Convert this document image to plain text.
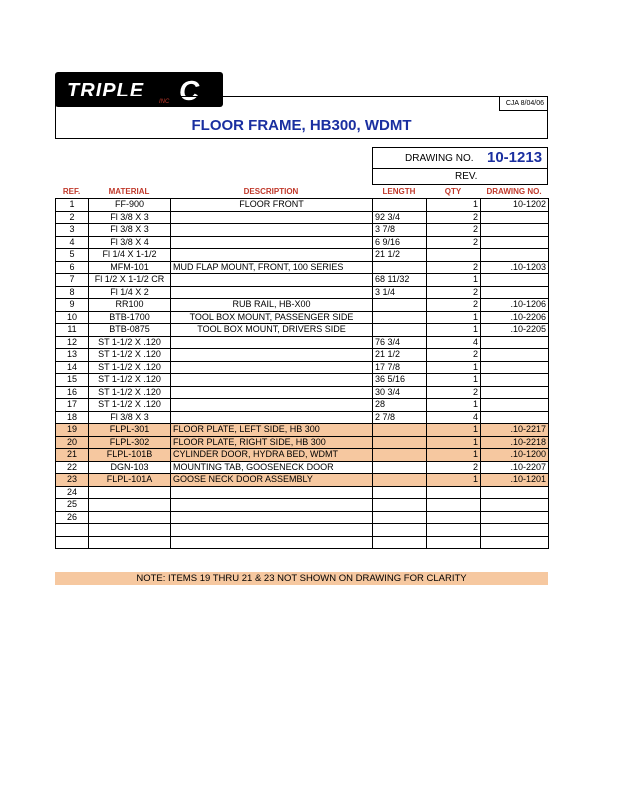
TRIPLE C
INC	CJA 8/04/06
FLOOR FRAME, HB300, WDMT
DRAWING NO. 10-1213
REV.
REF.	MATERIAL	DESCRIPTION	LENGTH	QTY	DRAWING NO.
1	FF-900	FLOOR FRONT		1	10-1202
2	Fl 3/8 X 3		92 3/4	2	
3	Fl 3/8 X 3		3 7/8	2	
4	Fl 3/8 X 4		6 9/16	2	
5	Fl 1/4 X 1-1/2		21 1/2		
6	MFM-101	MUD FLAP MOUNT, FRONT, 100 SERIES		2	.10-1203
7	Fl 1/2 X 1-1/2 CR		68 11/32	1	
8	Fl 1/4 X 2		3 1/4	2	
9	RR100	RUB RAIL, HB-X00		2	.10-1206
10	BTB-1700	TOOL BOX MOUNT, PASSENGER SIDE		1	.10-2206
11	BTB-0875	TOOL BOX MOUNT, DRIVERS SIDE		1	.10-2205
12	ST 1-1/2 X .120		76 3/4	4	
13	ST 1-1/2 X .120		21 1/2	2	
14	ST 1-1/2 X .120		17 7/8	1	
15	ST 1-1/2 X .120		36 5/16	1	
16	ST 1-1/2 X .120		30 3/4	2	
17	ST 1-1/2 X .120		28	1	
18	Fl 3/8 X 3		2 7/8	4	
19	FLPL-301	FLOOR PLATE, LEFT SIDE, HB 300		1	.10-2217
20	FLPL-302	FLOOR PLATE, RIGHT SIDE, HB 300		1	.10-2218
21	FLPL-101B	CYLINDER DOOR, HYDRA BED, WDMT		1	.10-1200
22	DGN-103	MOUNTING TAB, GOOSENECK DOOR		2	.10-2207
23	FLPL-101A	GOOSE NECK DOOR ASSEMBLY		1	.10-1201
24					
25					
26					

NOTE: ITEMS 19 THRU 21 & 23 NOT SHOWN ON DRAWING FOR CLARITY
